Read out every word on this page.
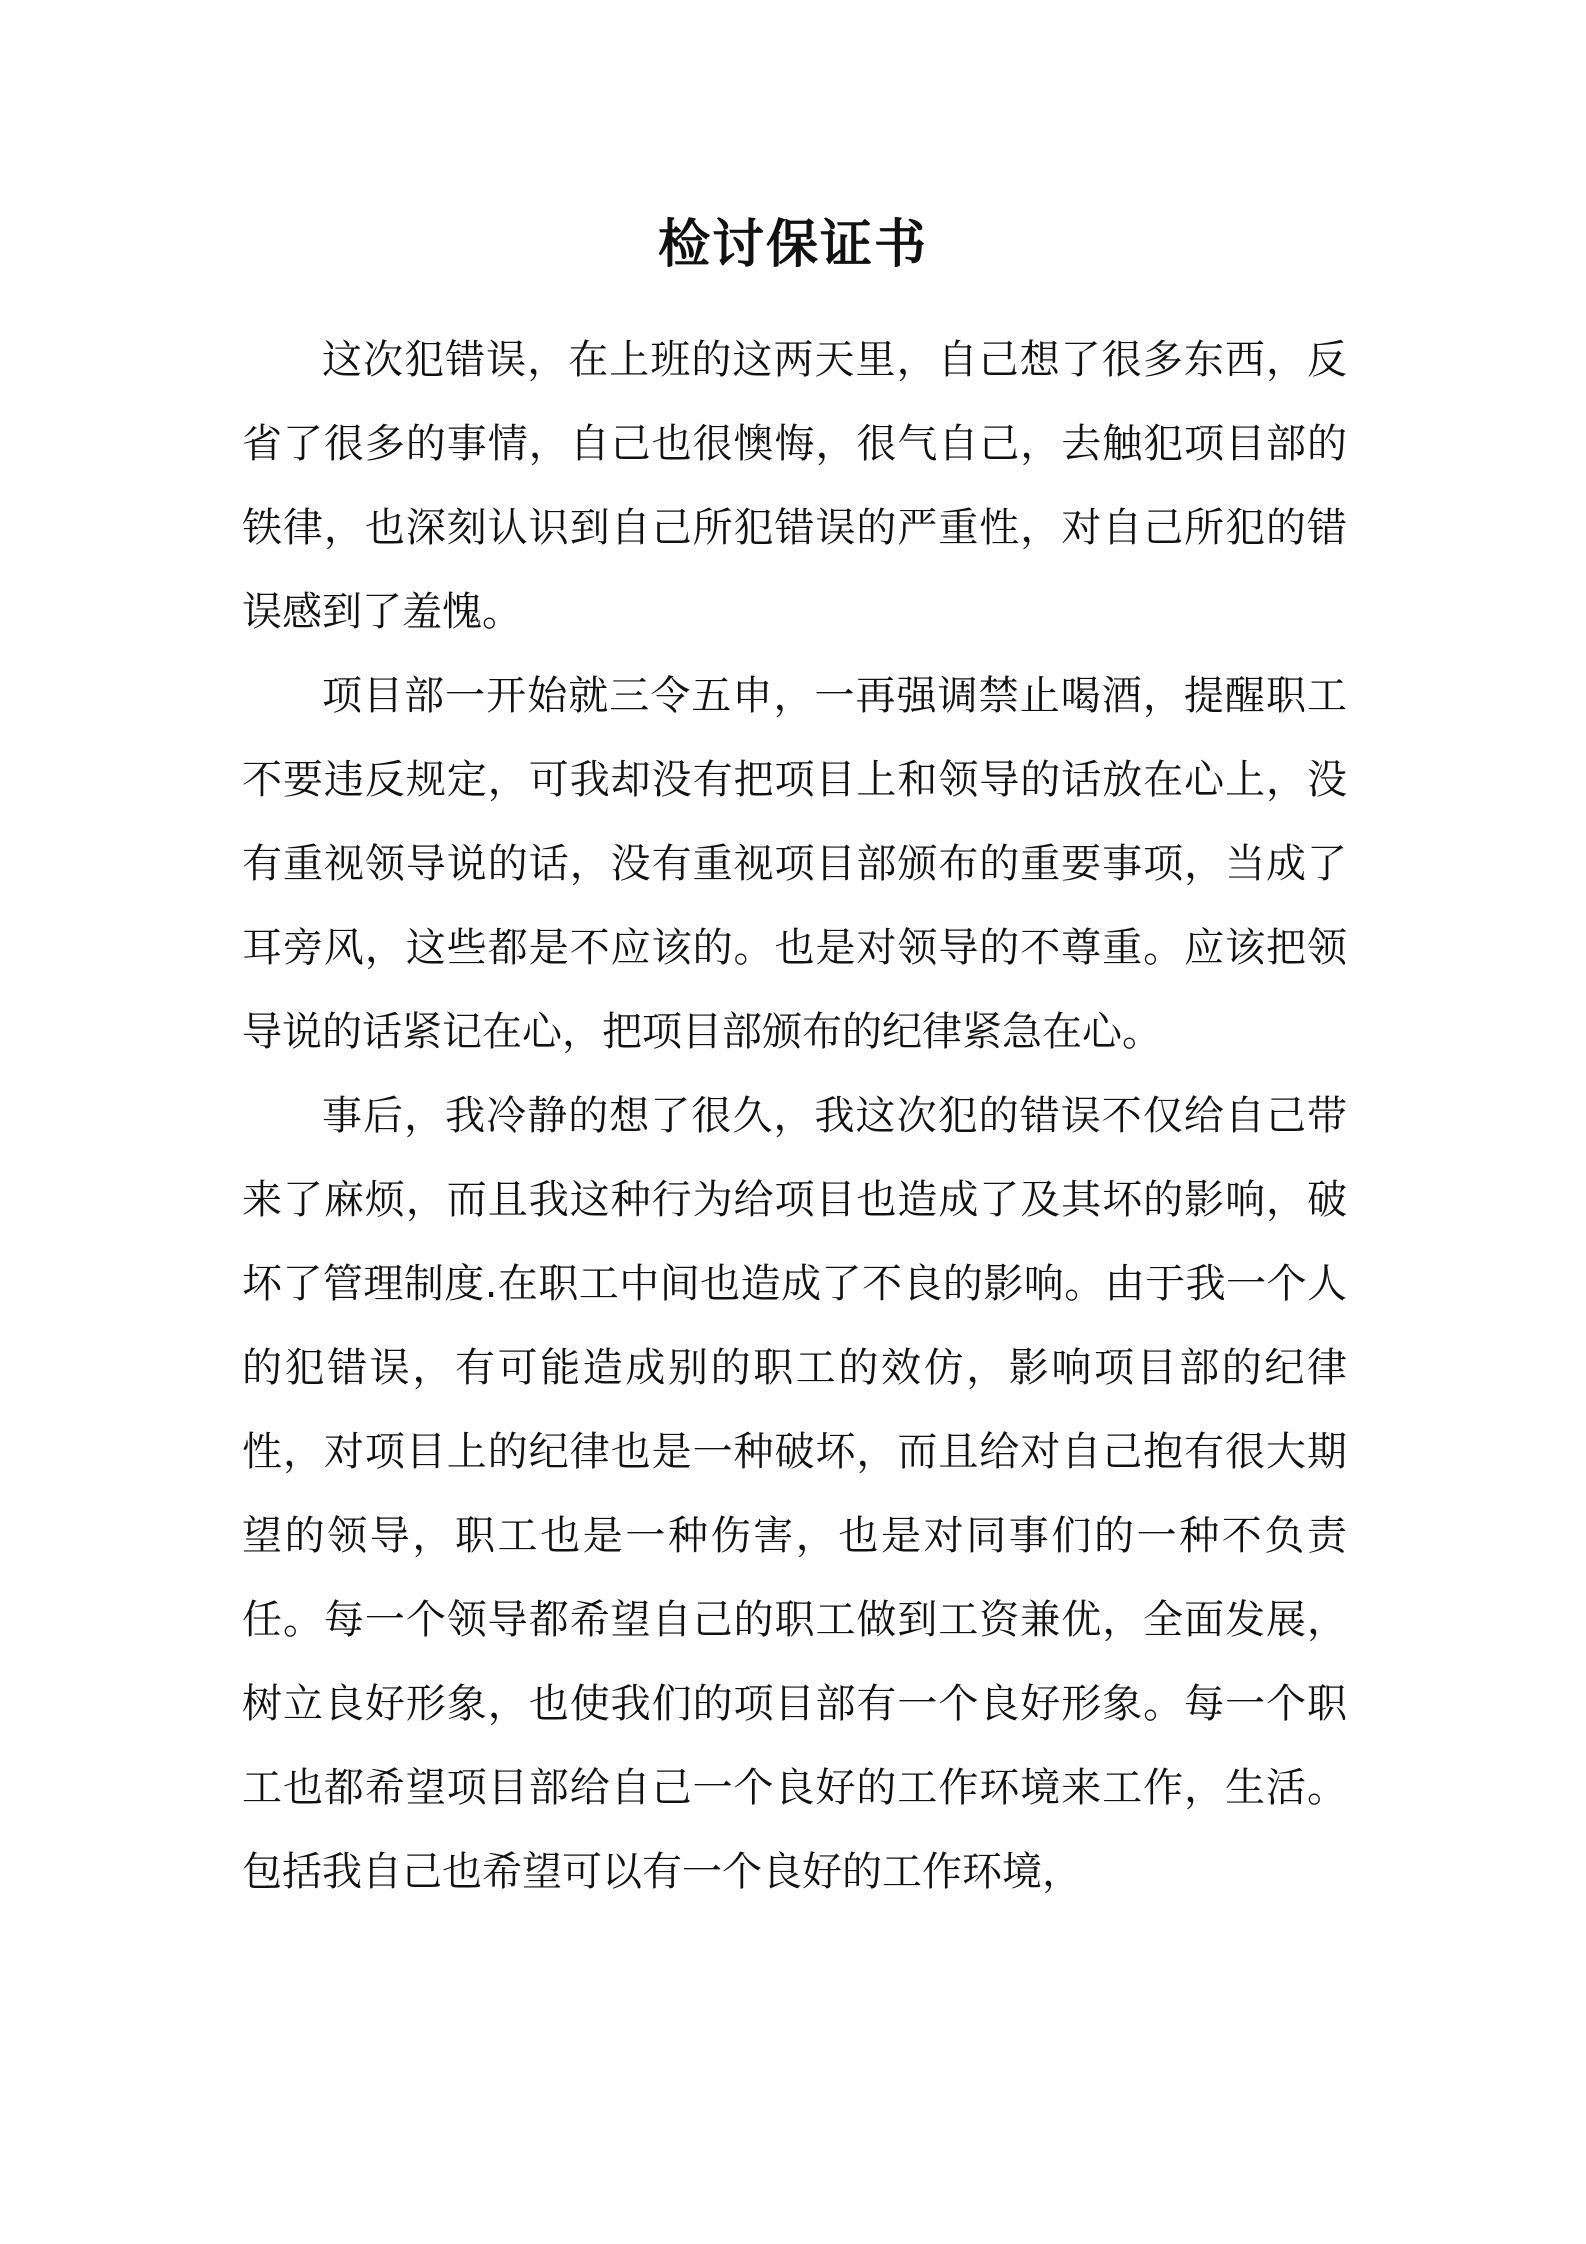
检讨保证书

这次犯错误，在上班的这两天里，自己想了很多东西，反省了很多的事情，自己也很懊悔，很气自己，去触犯项目部的铁律，也深刻认识到自己所犯错误的严重性，对自己所犯的错误感到了羞愧。

项目部一开始就三令五申，一再强调禁止喝酒，提醒职工不要违反规定，可我却没有把项目上和领导的话放在心上，没有重视领导说的话，没有重视项目部颁布的重要事项，当成了耳旁风，这些都是不应该的。也是对领导的不尊重。应该把领导说的话紧记在心，把项目部颁布的纪律紧急在心。

事后，我冷静的想了很久，我这次犯的错误不仅给自己带来了麻烦，而且我这种行为给项目也造成了及其坏的影响，破坏了管理制度.在职工中间也造成了不良的影响。由于我一个人的犯错误，有可能造成别的职工的效仿，影响项目部的纪律性，对项目上的纪律也是一种破坏，而且给对自己抱有很大期望的领导，职工也是一种伤害，也是对同事们的一种不负责任。每一个领导都希望自己的职工做到工资兼优，全面发展，树立良好形象，也使我们的项目部有一个良好形象。每一个职工也都希望项目部给自己一个良好的工作环境来工作，生活。包括我自己也希望可以有一个良好的工作环境，
